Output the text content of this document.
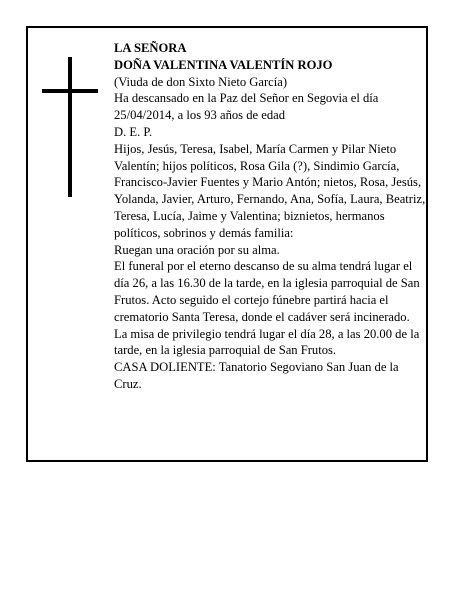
LA SEÑORA

DOÑA VALENTINA VALENTÍN ROJO

(Viuda de don Sixto Nieto García)

Ha descansado en la Paz del Señor en Segovia el día 25/04/2014, a los 93 años de edad

D. E. P.

Hijos, Jesús, Teresa, Isabel, María Carmen y Pilar Nieto Valentín; hijos políticos, Rosa Gila (?), Sindimio García, Francisco-Javier Fuentes y Mario Antón; nietos, Rosa, Jesús, Yolanda, Javier, Arturo, Fernando, Ana, Sofía, Laura, Beatriz, Teresa, Lucía, Jaime y Valentina; biznietos, hermanos políticos, sobrinos y demás familia:

Ruegan una oración por su alma.

El funeral por el eterno descanso de su alma tendrá lugar el día 26, a las 16.30 de la tarde, en la iglesia parroquial de San Frutos. Acto seguido el cortejo fúnebre partirá hacia el crematorio Santa Teresa, donde el cadáver será incinerado. La misa de privilegio tendrá lugar el día 28, a las 20.00 de la tarde, en la iglesia parroquial de San Frutos.

CASA DOLIENTE: Tanatorio Segoviano San Juan de la Cruz.
